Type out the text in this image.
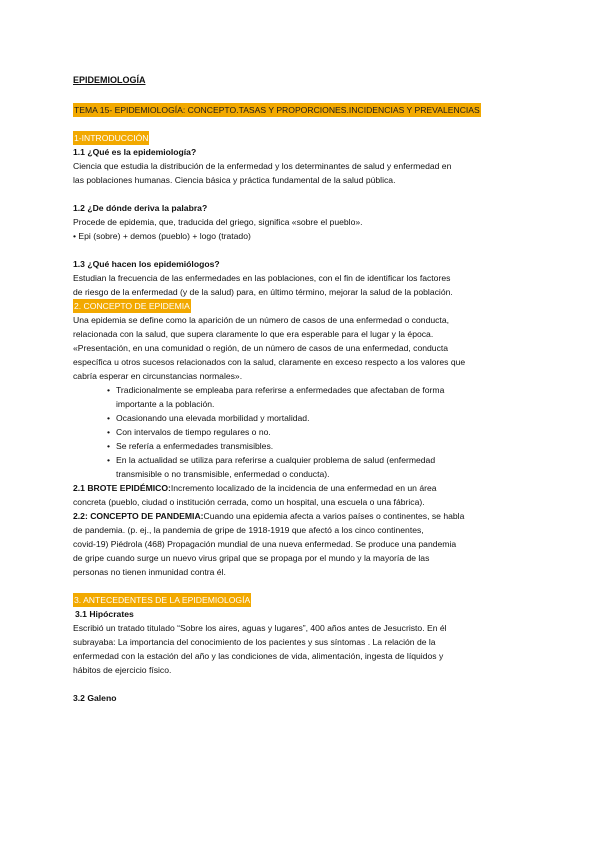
EPIDEMIOLOGÍA
TEMA 15- EPIDEMIOLOGÍA: CONCEPTO.TASAS Y PROPORCIONES.INCIDENCIAS Y PREVALENCIAS
1-INTRODUCCIÓN
1.1 ¿Qué es la epidemiología?
Ciencia que estudia la distribución de la enfermedad y los determinantes de salud y enfermedad en
las poblaciones humanas. Ciencia básica y práctica fundamental de la salud pública.
1.2 ¿De dónde deriva la palabra?
Procede de epidemia, que, traducida del griego, significa «sobre el pueblo».
• Epi (sobre) + demos (pueblo) + logo (tratado)
1.3 ¿Qué hacen los epidemiólogos?
Estudian la frecuencia de las enfermedades en las poblaciones, con el fin de identificar los factores
de riesgo de la enfermedad (y de la salud) para, en último término, mejorar la salud de la población.
2. CONCEPTO DE EPIDEMIA
Una epidemia se define como la aparición de un número de casos de una enfermedad o conducta,
relacionada con la salud, que supera claramente lo que era esperable para el lugar y la época.
«Presentación, en una comunidad o región, de un número de casos de una enfermedad, conducta
específica u otros sucesos relacionados con la salud, claramente en exceso respecto a los valores que
cabría esperar en circunstancias normales».
• Tradicionalmente se empleaba para referirse a enfermedades que afectaban de forma
importante a la población.
• Ocasionando una elevada morbilidad y mortalidad.
• Con intervalos de tiempo regulares o no.
• Se refería a enfermedades transmisibles.
• En la actualidad se utiliza para referirse a cualquier problema de salud (enfermedad
transmisible o no transmisible, enfermedad o conducta).
2.1 BROTE EPIDÉMICO:Incremento localizado de la incidencia de una enfermedad en un área
concreta (pueblo, ciudad o institución cerrada, como un hospital, una escuela o una fábrica).
2.2: CONCEPTO DE PANDEMIA:Cuando una epidemia afecta a varios países o continentes, se habla
de pandemia. (p. ej., la pandemia de gripe de 1918-1919 que afectó a los cinco continentes,
covid-19) Piédrola (468) Propagación mundial de una nueva enfermedad. Se produce una pandemia
de gripe cuando surge un nuevo virus gripal que se propaga por el mundo y la mayoría de las
personas no tienen inmunidad contra él.
3. ANTECEDENTES DE LA EPIDEMIOLOGÍA
3.1 Hipócrates
Escribió un tratado titulado “Sobre los aires, aguas y lugares”, 400 años antes de Jesucristo. En él
subrayaba: La importancia del conocimiento de los pacientes y sus síntomas . La relación de la
enfermedad con la estación del año y las condiciones de vida, alimentación, ingesta de líquidos y
hábitos de ejercicio físico.
3.2 Galeno
